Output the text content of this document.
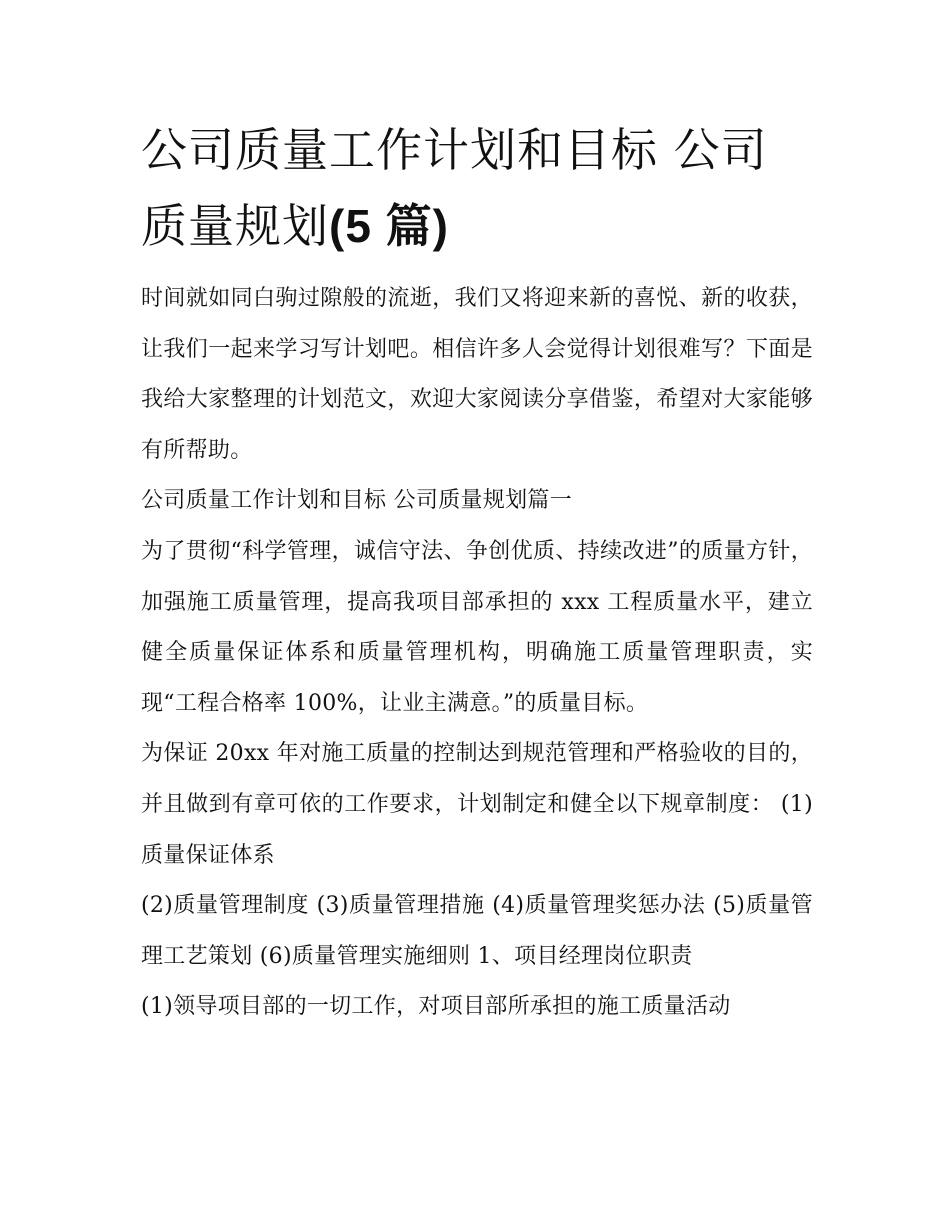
公司质量工作计划和目标 公司质量规划(5 篇)

时间就如同白驹过隙般的流逝，我们又将迎来新的喜悦、新的收获，让我们一起来学习写计划吧。相信许多人会觉得计划很难写？下面是我给大家整理的计划范文，欢迎大家阅读分享借鉴，希望对大家能够有所帮助。

公司质量工作计划和目标 公司质量规划篇一

为了贯彻“科学管理，诚信守法、争创优质、持续改进”的质量方针，加强施工质量管理，提高我项目部承担的 xxx 工程质量水平，建立健全质量保证体系和质量管理机构，明确施工质量管理职责，实现“工程合格率 100%，让业主满意。”的质量目标。

为保证 20xx 年对施工质量的控制达到规范管理和严格验收的目的，并且做到有章可依的工作要求，计划制定和健全以下规章制度： (1)质量保证体系

(2)质量管理制度 (3)质量管理措施 (4)质量管理奖惩办法 (5)质量管理工艺策划 (6)质量管理实施细则 1、项目经理岗位职责

(1)领导项目部的一切工作，对项目部所承担的施工质量活动
